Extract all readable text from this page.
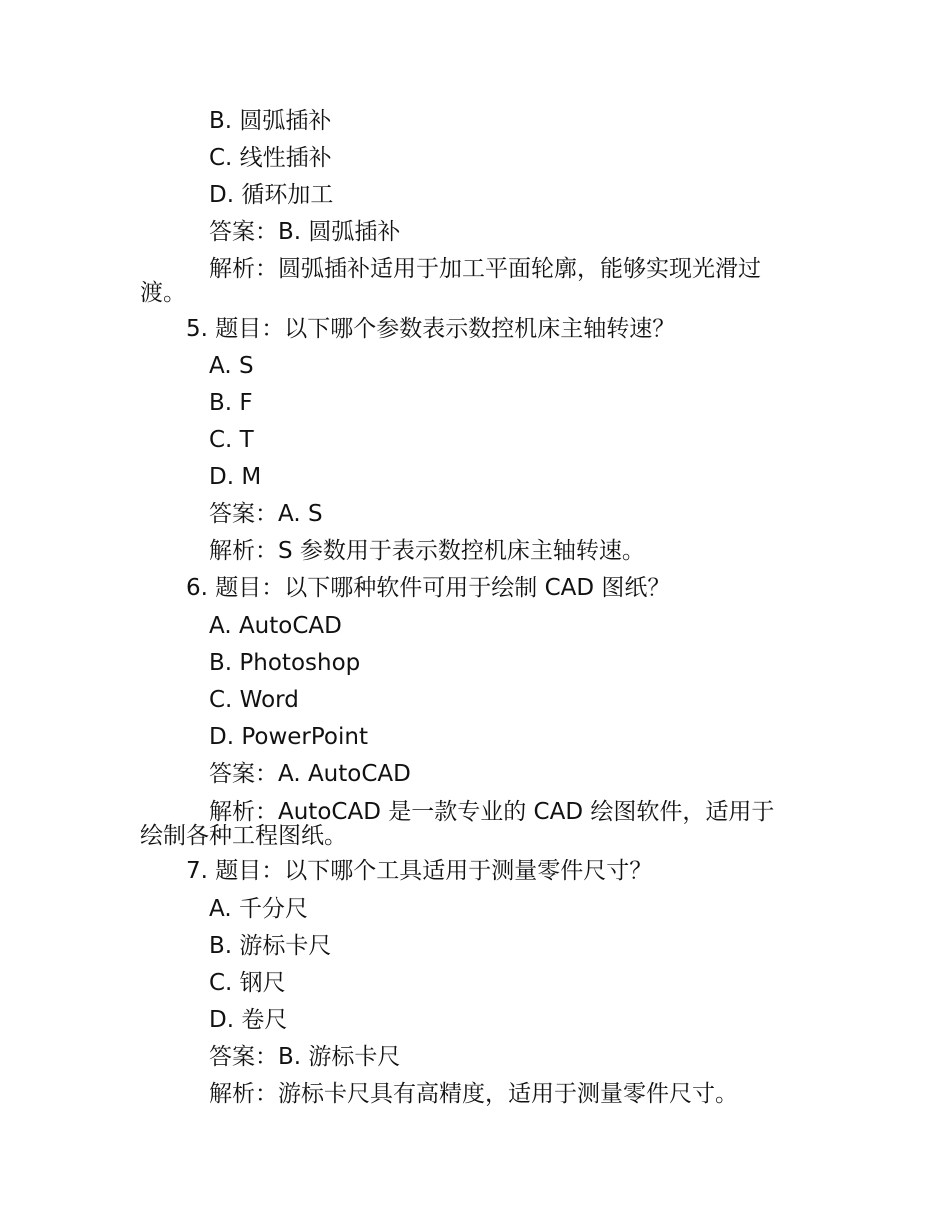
B. 圆弧插补
C. 线性插补
D. 循环加工
答案：B. 圆弧插补
解析：圆弧插补适用于加工平面轮廓，能够实现光滑过
渡。
5. 题目：以下哪个参数表示数控机床主轴转速？
A. S
B. F
C. T
D. M
答案：A. S
解析：S 参数用于表示数控机床主轴转速。
6. 题目：以下哪种软件可用于绘制 CAD 图纸？
A. AutoCAD
B. Photoshop
C. Word
D. PowerPoint
答案：A. AutoCAD
解析：AutoCAD 是一款专业的 CAD 绘图软件，适用于
绘制各种工程图纸。
7. 题目：以下哪个工具适用于测量零件尺寸？
A. 千分尺
B. 游标卡尺
C. 钢尺
D. 卷尺
答案：B. 游标卡尺
解析：游标卡尺具有高精度，适用于测量零件尺寸。
